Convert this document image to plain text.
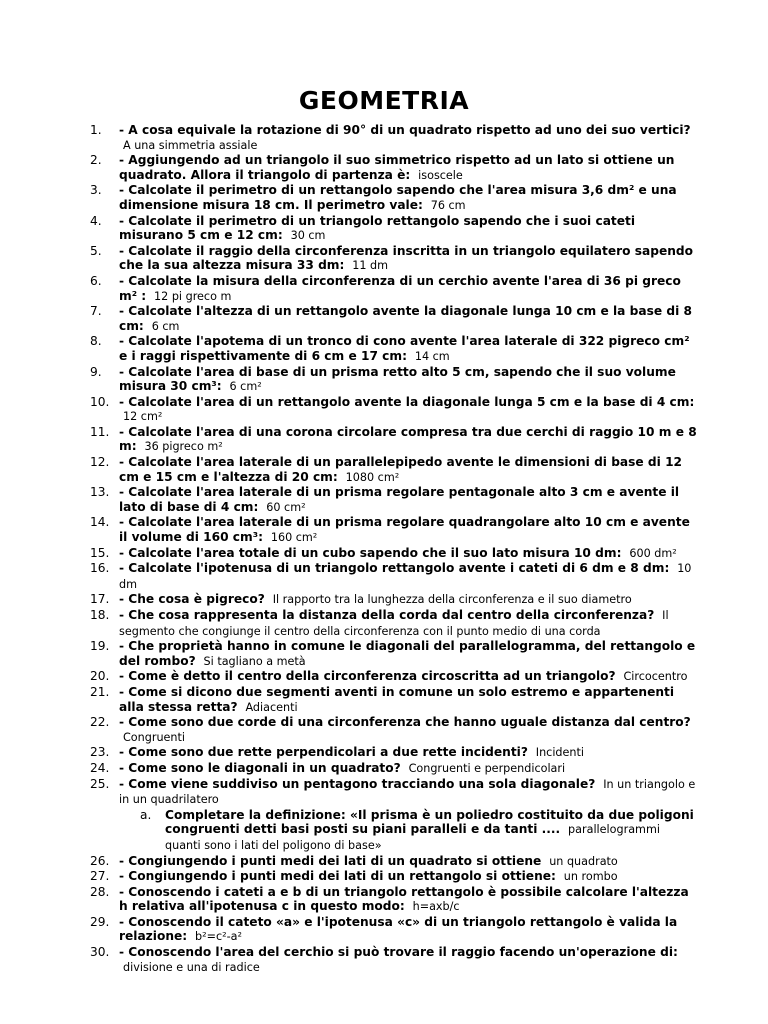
GEOMETRIA
1.	- A cosa equivale la rotazione di 90° di un quadrato rispetto ad uno dei suo vertici? A una simmetria assiale
2.	- Aggiungendo ad un triangolo il suo simmetrico rispetto ad un lato si ottiene un quadrato. Allora il triangolo di partenza è: isoscele
3.	- Calcolate il perimetro di un rettangolo sapendo che l'area misura 3,6 dm² e una dimensione misura 18 cm. Il perimetro vale: 76 cm
4.	- Calcolate il perimetro di un triangolo rettangolo sapendo che i suoi cateti misurano 5 cm e 12 cm: 30 cm
5.	- Calcolate il raggio della circonferenza inscritta in un triangolo equilatero sapendo che la sua altezza misura 33 dm: 11 dm
6.	- Calcolate la misura della circonferenza di un cerchio avente l'area di 36 pi greco m² : 12 pi greco m
7.	- Calcolate l'altezza di un rettangolo avente la diagonale lunga 10 cm e la base di 8 cm: 6 cm
8.	- Calcolate l'apotema di un tronco di cono avente l'area laterale di 322 pigreco cm² e i raggi rispettivamente di 6 cm e 17 cm: 14 cm
9.	- Calcolate l'area di base di un prisma retto alto 5 cm, sapendo che il suo volume misura 30 cm³: 6 cm²
10. - Calcolate l'area di un rettangolo avente la diagonale lunga 5 cm e la base di 4 cm: 12 cm²
11. - Calcolate l'area di una corona circolare compresa tra due cerchi di raggio 10 m e 8 m: 36 pigreco m²
12. - Calcolate l'area laterale di un parallelepipedo avente le dimensioni di base di 12 cm e 15 cm e l'altezza di 20 cm: 1080 cm²
13. - Calcolate l'area laterale di un prisma regolare pentagonale alto 3 cm e avente il lato di base di 4 cm: 60 cm²
14. - Calcolate l'area laterale di un prisma regolare quadrangolare alto 10 cm e avente il volume di 160 cm³: 160 cm²
15. - Calcolate l'area totale di un cubo sapendo che il suo lato misura 10 dm: 600 dm²
16. - Calcolate l'ipotenusa di un triangolo rettangolo avente i cateti di 6 dm e 8 dm: 10 dm
17. - Che cosa è pigreco? Il rapporto tra la lunghezza della circonferenza e il suo diametro
18. - Che cosa rappresenta la distanza della corda dal centro della circonferenza? Il segmento che congiunge il centro della circonferenza con il punto medio di una corda
19. - Che proprietà hanno in comune le diagonali del parallelogramma, del rettangolo e del rombo? Si tagliano a metà
20. - Come è detto il centro della circonferenza circoscritta ad un triangolo? Circocentro
21. - Come si dicono due segmenti aventi in comune un solo estremo e appartenenti alla stessa retta? Adiacenti
22. - Come sono due corde di una circonferenza che hanno uguale distanza dal centro? Congruenti
23. - Come sono due rette perpendicolari a due rette incidenti? Incidenti
24. - Come sono le diagonali in un quadrato? Congruenti e perpendicolari
25. - Come viene suddiviso un pentagono tracciando una sola diagonale? In un triangolo e in un quadrilatero
a.	Completare la definizione: «Il prisma è un poliedro costituito da due poligoni congruenti detti basi posti su piani paralleli e da tanti .... parallelogrammi quanti sono i lati del poligono di base»
26. - Congiungendo i punti medi dei lati di un quadrato si ottiene un quadrato
27. - Congiungendo i punti medi dei lati di un rettangolo si ottiene: un rombo
28. - Conoscendo i cateti a e b di un triangolo rettangolo è possibile calcolare l'altezza h relativa all'ipotenusa c in questo modo: h=axb/c
29. - Conoscendo il cateto «a» e l'ipotenusa «c» di un triangolo rettangolo è valida la relazione: b²=c²-a²
30. - Conoscendo l'area del cerchio si può trovare il raggio facendo un'operazione di: divisione e una di radice
